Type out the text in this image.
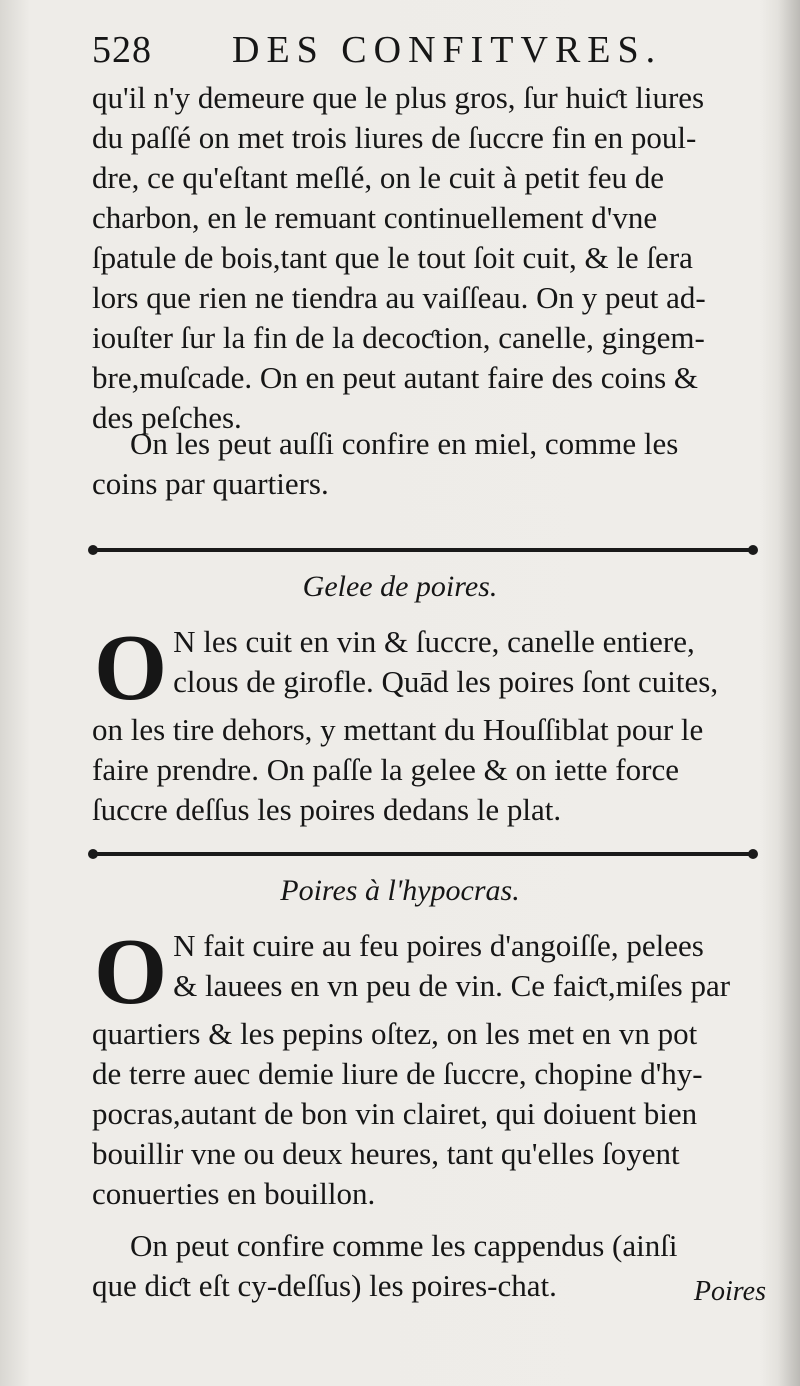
528 DES CONFITVRES.
qu'il n'y demeure que le plus gros, ſur huiƈt liures
du paſſé on met trois liures de ſuccre fin en poul-
dre, ce qu'eſtant meſlé, on le cuit à petit feu de
charbon, en le remuant continuellement d'vne
ſpatule de bois,tant que le tout ſoit cuit, & le ſera
lors que rien ne tiendra au vaiſſeau. On y peut ad-
iouſter ſur la fin de la decoƈtion, canelle, gingem-
bre,muſcade. On en peut autant faire des coins &
des peſches.
On les peut auſſi confire en miel, comme les
coins par quartiers.
Gelee de poires.
O N les cuit en vin & ſuccre, canelle entiere,
clous de girofle. Quād les poires ſont cuites,
on les tire dehors, y mettant du Houſſiblat pour le
faire prendre. On paſſe la gelee & on iette force
ſuccre deſſus les poires dedans le plat.
Poires à l'hypocras.
O N fait cuire au feu poires d'angoiſſe, pelees
& lauees en vn peu de vin. Ce faiƈt,miſes par
quartiers & les pepins oſtez, on les met en vn pot
de terre auec demie liure de ſuccre, chopine d'hy-
pocras,autant de bon vin clairet, qui doiuent bien
bouillir vne ou deux heures, tant qu'elles ſoyent
conuerties en bouillon.
On peut confire comme les cappendus (ainſi
que diƈt eſt cy-deſſus) les poires-chat.	Poires
